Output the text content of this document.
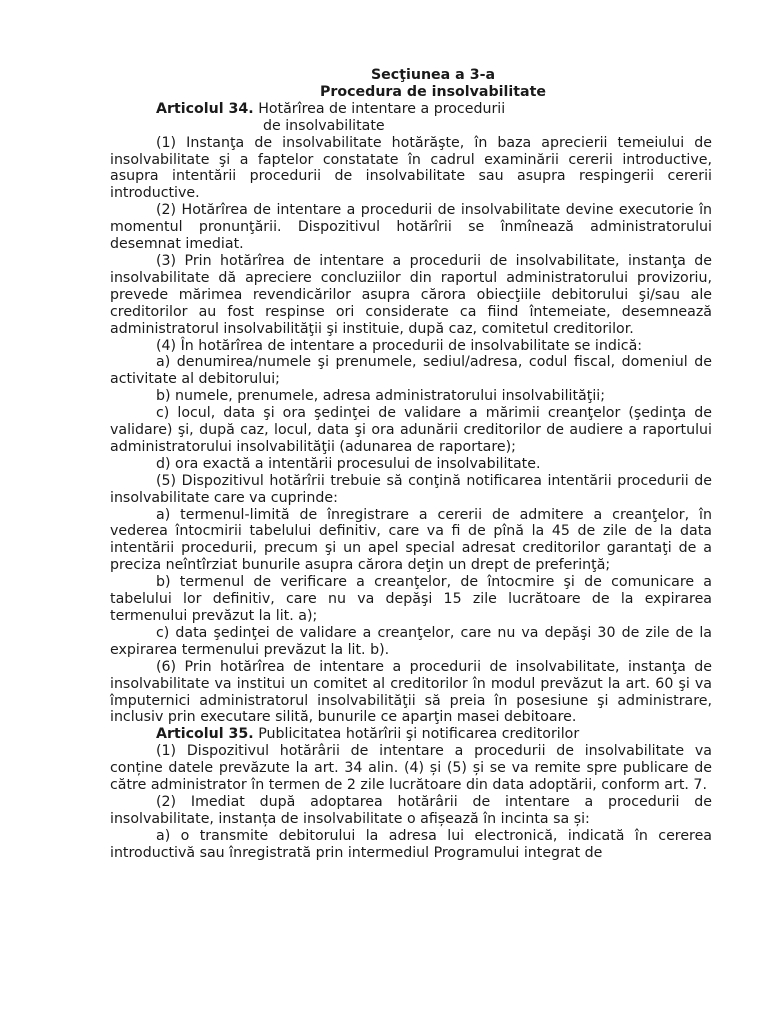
Secţiunea a 3-a
Procedura de insolvabilitate
Articolul 34. Hotărîrea de intentare a procedurii
de insolvabilitate

(1) Instanţa de insolvabilitate hotărăşte, în baza aprecierii temeiului de insolvabilitate şi a faptelor constatate în cadrul examinării cererii introductive, asupra intentării procedurii de insolvabilitate sau asupra respingerii cererii introductive.

(2) Hotărîrea de intentare a procedurii de insolvabilitate devine executorie în momentul pronunţării. Dispozitivul hotărîrii se înmînează administratorului desemnat imediat.

(3) Prin hotărîrea de intentare a procedurii de insolvabilitate, instanţa de insolvabilitate dă apreciere concluziilor din raportul administratorului provizoriu, prevede mărimea revendicărilor asupra cărora obiecţiile debitorului şi/sau ale creditorilor au fost respinse ori considerate ca fiind întemeiate, desemnează administratorul insolvabilităţii şi instituie, după caz, comitetul creditorilor.

(4) În hotărîrea de intentare a procedurii de insolvabilitate se indică:

a) denumirea/numele şi prenumele, sediul/adresa, codul fiscal, domeniul de activitate al debitorului;

b) numele, prenumele, adresa administratorului insolvabilităţii;

c) locul, data şi ora şedinţei de validare a mărimii creanţelor (şedinţa de validare) şi, după caz, locul, data şi ora adunării creditorilor de audiere a raportului administratorului insolvabilităţii (adunarea de raportare);

d) ora exactă a intentării procesului de insolvabilitate.

(5) Dispozitivul hotărîrii trebuie să conţină notificarea intentării procedurii de insolvabilitate care va cuprinde:

a) termenul-limită de înregistrare a cererii de admitere a creanţelor, în vederea întocmirii tabelului definitiv, care va fi de pînă la 45 de zile de la data intentării procedurii, precum şi un apel special adresat creditorilor garantaţi de a preciza neîntîrziat bunurile asupra cărora deţin un drept de preferinţă;

b) termenul de verificare a creanţelor, de întocmire şi de comunicare a tabelului lor definitiv, care nu va depăşi 15 zile lucrătoare de la expirarea termenului prevăzut la lit. a);

c) data şedinţei de validare a creanţelor, care nu va depăşi 30 de zile de la expirarea termenului prevăzut la lit. b).

(6) Prin hotărîrea de intentare a procedurii de insolvabilitate, instanţa de insolvabilitate va institui un comitet al creditorilor în modul prevăzut la art. 60 şi va împuternici administratorul insolvabilităţii să preia în posesiune şi administrare, inclusiv prin executare silită, bunurile ce aparţin masei debitoare.

Articolul 35. Publicitatea hotărîrii şi notificarea creditorilor

(1) Dispozitivul hotărârii de intentare a procedurii de insolvabilitate va conține datele prevăzute la art. 34 alin. (4) și (5) și se va remite spre publicare de către administrator în termen de 2 zile lucrătoare din data adoptării, conform art. 7.

(2) Imediat după adoptarea hotărârii de intentare a procedurii de insolvabilitate, instanța de insolvabilitate o afișează în incinta sa și:

a) o transmite debitorului la adresa lui electronică, indicată în cererea introductivă sau înregistrată prin intermediul Programului integrat de
